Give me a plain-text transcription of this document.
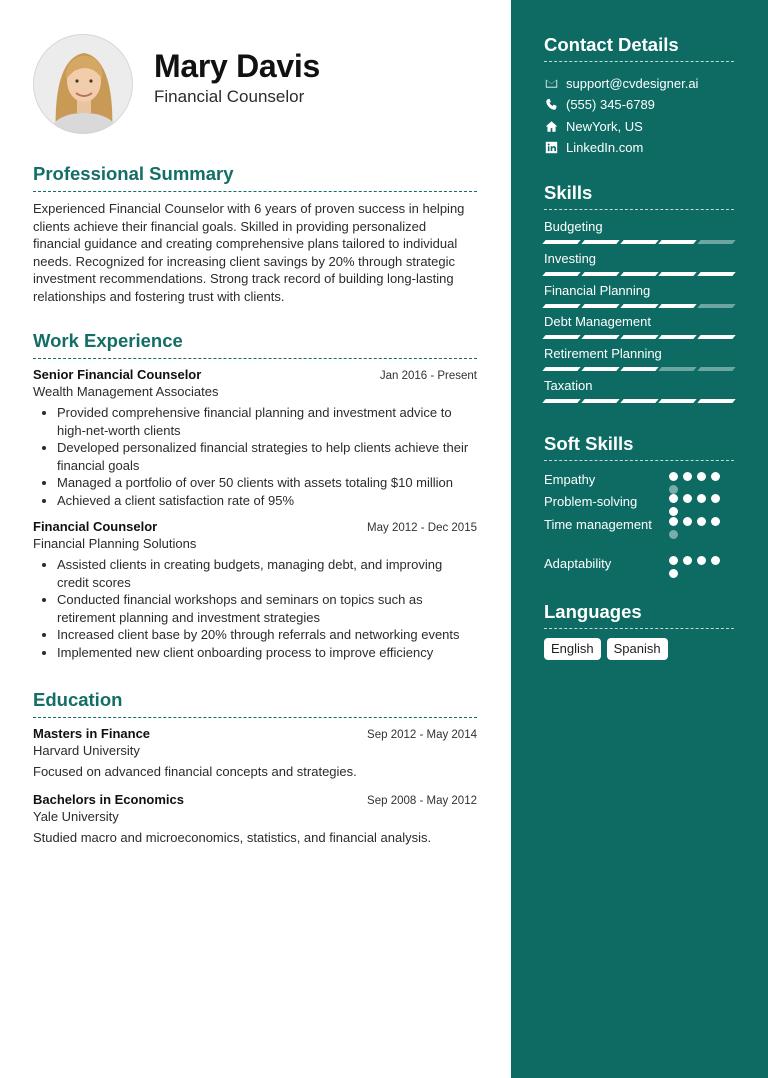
Mary Davis
Financial Counselor
Professional Summary

Experienced Financial Counselor with 6 years of proven success in helping clients achieve their financial goals. Skilled in providing personalized financial guidance and creating comprehensive plans tailored to individual needs. Recognized for increasing client savings by 20% through strategic investment recommendations. Strong track record of building long-lasting relationships and fostering trust with clients.

Work Experience
Senior Financial Counselor	Jan 2016 - Present
Wealth Management Associates
• Provided comprehensive financial planning and investment advice to high-net-worth clients
• Developed personalized financial strategies to help clients achieve their financial goals
• Managed a portfolio of over 50 clients with assets totaling $10 million
• Achieved a client satisfaction rate of 95%
Financial Counselor	May 2012 - Dec 2015
Financial Planning Solutions
• Assisted clients in creating budgets, managing debt, and improving credit scores
• Conducted financial workshops and seminars on topics such as retirement planning and investment strategies
• Increased client base by 20% through referrals and networking events
• Implemented new client onboarding process to improve efficiency
Education
Masters in Finance	Sep 2012 - May 2014
Harvard University
Focused on advanced financial concepts and strategies.
Bachelors in Economics	Sep 2008 - May 2012
Yale University
Studied macro and microeconomics, statistics, and financial analysis.
Contact Details
support@cvdesigner.ai
(555) 345-6789
NewYork, US
LinkedIn.com
Skills
Budgeting
Investing
Financial Planning
Debt Management
Retirement Planning
Taxation
Soft Skills
Empathy
Problem-solving
Time management
Adaptability
Languages
English	Spanish
